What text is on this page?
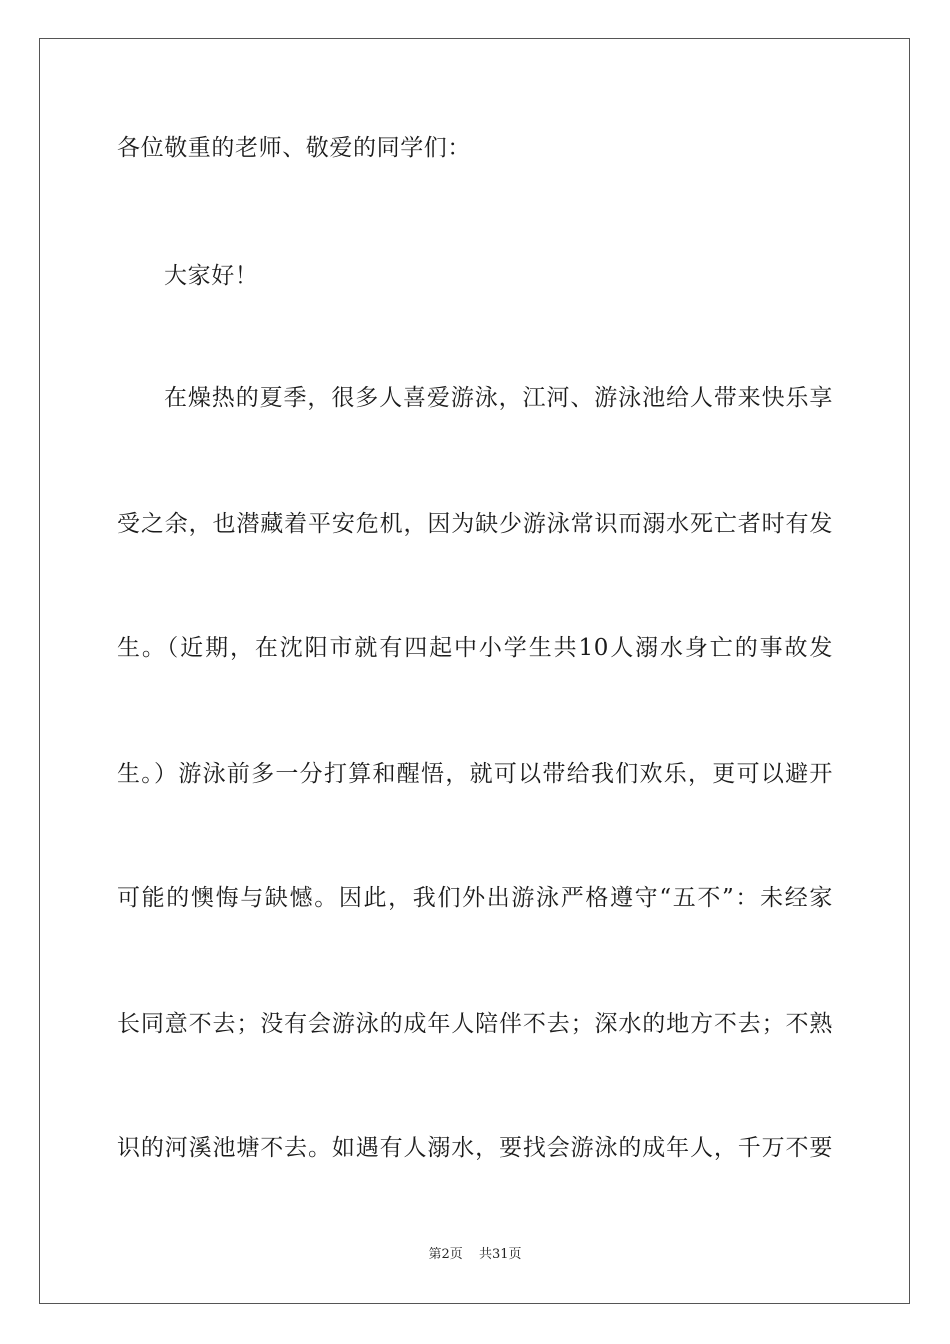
各位敬重的老师、敬爱的同学们：
大家好！
在燥热的夏季，很多人喜爱游泳，江河、游泳池给人带来快乐享
受之余，也潜藏着平安危机，因为缺少游泳常识而溺水死亡者时有发
生。（近期，在沈阳市就有四起中小学生共10人溺水身亡的事故发
生。）游泳前多一分打算和醒悟，就可以带给我们欢乐，更可以避开
可能的懊悔与缺憾。因此，我们外出游泳严格遵守“五不”：未经家
长同意不去；没有会游泳的成年人陪伴不去；深水的地方不去；不熟
识的河溪池塘不去。如遇有人溺水，要找会游泳的成年人，千万不要
第2页 共31页
